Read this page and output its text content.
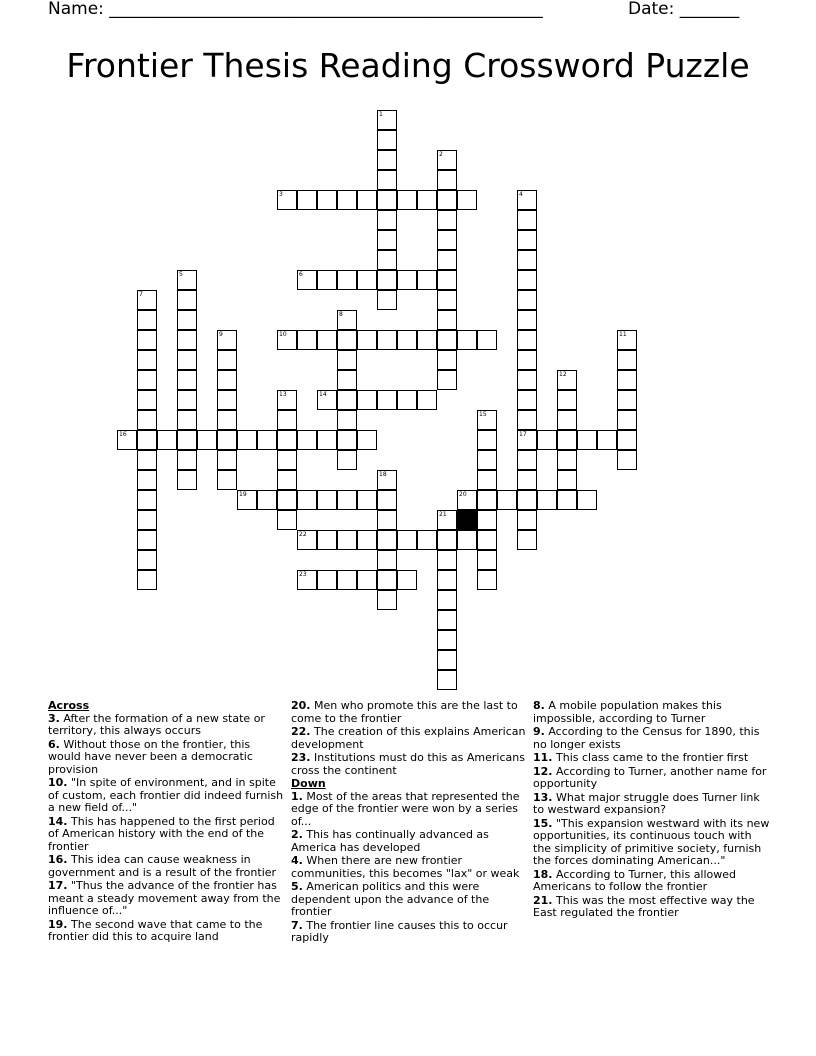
Name: ___________________________________________________	Date: _______
Frontier Thesis Reading Crossword Puzzle
3
6
10
14
16	17
19	20
22
23
1
2
4
5
7
8
9	11
12
13
15
18
21
Across
3. After the formation of a new state or territory, this always occurs
6. Without those on the frontier, this would have never been a democratic provision
10. "In spite of environment, and in spite of custom, each frontier did indeed furnish a new field of..."
14. This has happened to the first period of American history with the end of the frontier
16. This idea can cause weakness in government and is a result of the frontier
17. "Thus the advance of the frontier has meant a steady movement away from the influence of..."
19. The second wave that came to the frontier did this to acquire land
20. Men who promote this are the last to come to the frontier
22. The creation of this explains American development
23. Institutions must do this as Americans cross the continent
Down
1. Most of the areas that represented the edge of the frontier were won by a series of...
2. This has continually advanced as America has developed
4. When there are new frontier communities, this becomes "lax" or weak
5. American politics and this were dependent upon the advance of the frontier
7. The frontier line causes this to occur rapidly
8. A mobile population makes this impossible, according to Turner
9. According to the Census for 1890, this no longer exists
11. This class came to the frontier first
12. According to Turner, another name for opportunity
13. What major struggle does Turner link to westward expansion?
15. "This expansion westward with its new opportunities, its continuous touch with the simplicity of primitive society, furnish the forces dominating American..."
18. According to Turner, this allowed Americans to follow the frontier
21. This was the most effective way the East regulated the frontier
